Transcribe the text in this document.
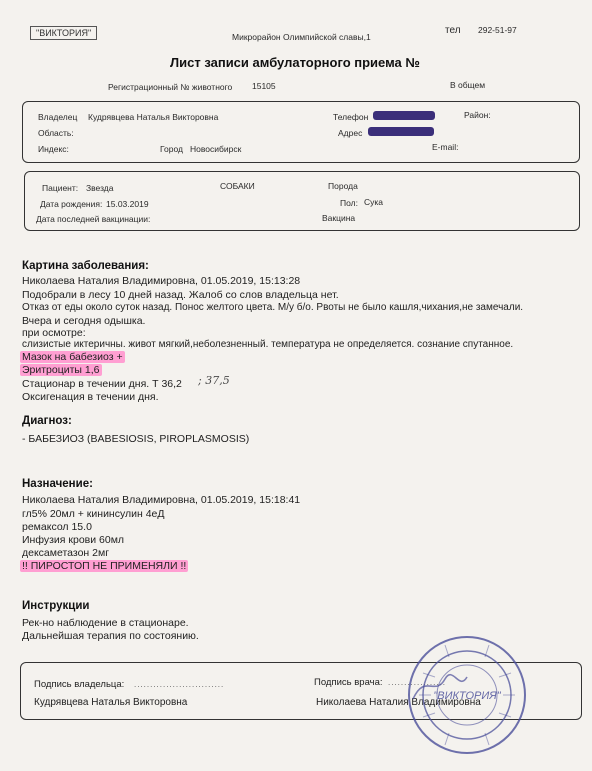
"ВИКТОРИЯ"	Микрорайон Олимпийской славы,1
тел 292-51-97
Лист записи амбулаторного приема №
Регистрационный № животного 15105	В общем
Владелец Кудрявцева Наталья Викторовна	Телефон	Район:
Область:	Адрес
Индекс:	Город Новосибирск	E-mail:
Пациент: Звезда	СОБАКИ	Порода
Дата рождения: 15.03.2019	Пол: Сука
Дата последней вакцинации:	Вакцина
Картина заболевания:
Николаева Наталия Владимировна, 01.05.2019, 15:13:28
Подобрали в лесу 10 дней назад. Жалоб со слов владельца нет.
Отказ от еды около суток назад. Понос желтого цвета. М/у б/о. Рвоты не было кашля,чихания,не замечали.
Вчера и сегодня одышка.
при осмотре:
слизистые иктеричны. живот мягкий,неболезненный. температура не определяется. сознание спутанное.
Мазок на бабезиоз +
Эритроциты 1,6
Стационар в течении дня. Т 36,2 ; 37,5
Оксигенация в течении дня.
Диагноз:
- БАБЕЗИОЗ (BABESIOSIS, PIROPLASMOSIS)
Назначение:
Николаева Наталия Владимировна, 01.05.2019, 15:18:41
гл5% 20мл + кининсулин 4еД
ремаксол 15.0
Инфузия крови 60мл
дексаметазон 2мг
!! ПИРОСТОП НЕ ПРИМЕНЯЛИ !!
Инструкции
Рек-но наблюдение в стационаре.
Дальнейшая терапия по состоянию.
Подпись владельца: ............................
Кудрявцева Наталья Викторовна
Подпись врача: ..................
Николаева Наталия Владимировна
"ВИКТОРИЯ"
